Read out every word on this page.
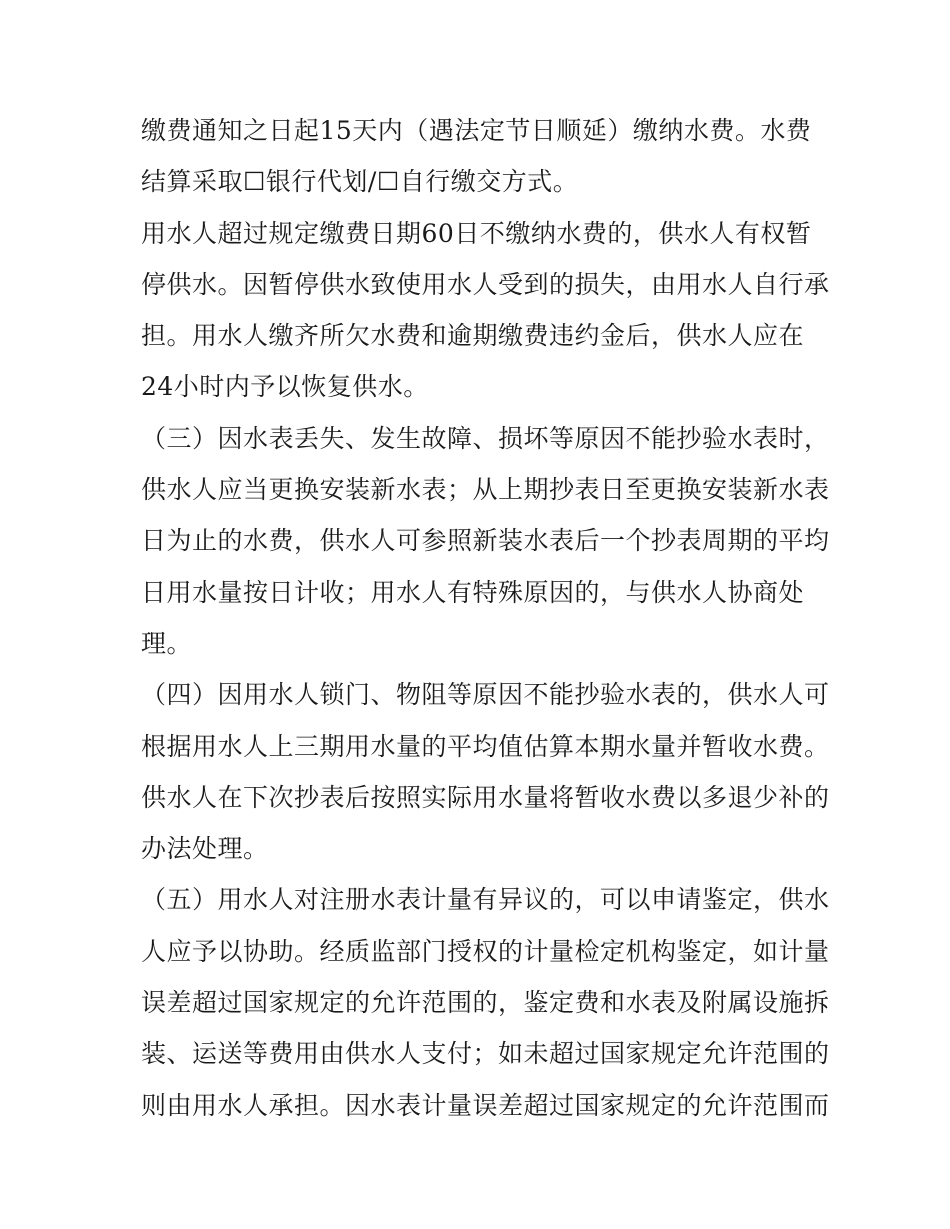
缴费通知之日起15天内（遇法定节日顺延）缴纳水费。水费
结算采取☐银行代划/☐自行缴交方式。
用水人超过规定缴费日期60日不缴纳水费的，供水人有权暂
停供水。因暂停供水致使用水人受到的损失，由用水人自行承
担。用水人缴齐所欠水费和逾期缴费违约金后，供水人应在
24小时内予以恢复供水。
（三）因水表丢失、发生故障、损坏等原因不能抄验水表时，
供水人应当更换安装新水表；从上期抄表日至更换安装新水表
日为止的水费，供水人可参照新装水表后一个抄表周期的平均
日用水量按日计收；用水人有特殊原因的，与供水人协商处
理。
（四）因用水人锁门、物阻等原因不能抄验水表的，供水人可
根据用水人上三期用水量的平均值估算本期水量并暂收水费。
供水人在下次抄表后按照实际用水量将暂收水费以多退少补的
办法处理。
（五）用水人对注册水表计量有异议的，可以申请鉴定，供水
人应予以协助。经质监部门授权的计量检定机构鉴定，如计量
误差超过国家规定的允许范围的，鉴定费和水表及附属设施拆
装、运送等费用由供水人支付；如未超过国家规定允许范围的
则由用水人承担。因水表计量误差超过国家规定的允许范围而
